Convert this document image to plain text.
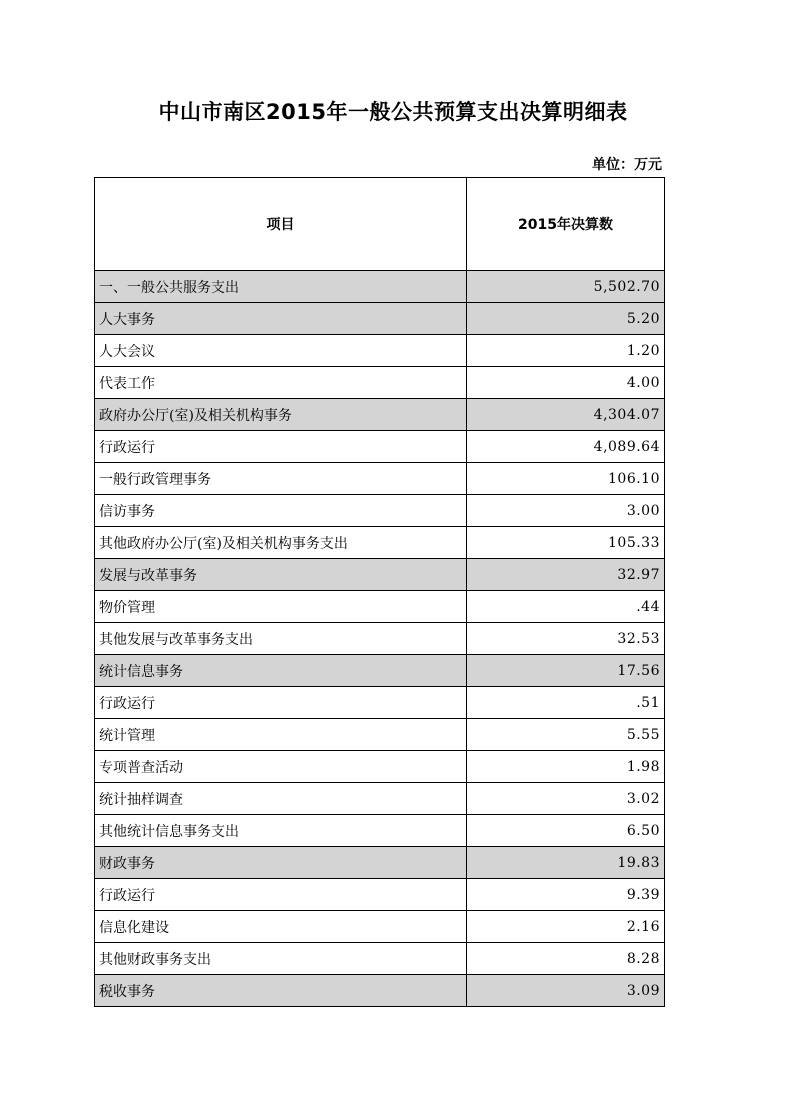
中山市南区2015年一般公共预算支出决算明细表
单位：万元
项目	2015年决算数
一、一般公共服务支出	5,502.70
人大事务	5.20
人大会议	1.20
代表工作	4.00
政府办公厅(室)及相关机构事务	4,304.07
行政运行	4,089.64
一般行政管理事务	106.10
信访事务	3.00
其他政府办公厅(室)及相关机构事务支出	105.33
发展与改革事务	32.97
物价管理	.44
其他发展与改革事务支出	32.53
统计信息事务	17.56
行政运行	.51
统计管理	5.55
专项普查活动	1.98
统计抽样调查	3.02
其他统计信息事务支出	6.50
财政事务	19.83
行政运行	9.39
信息化建设	2.16
其他财政事务支出	8.28
税收事务	3.09
